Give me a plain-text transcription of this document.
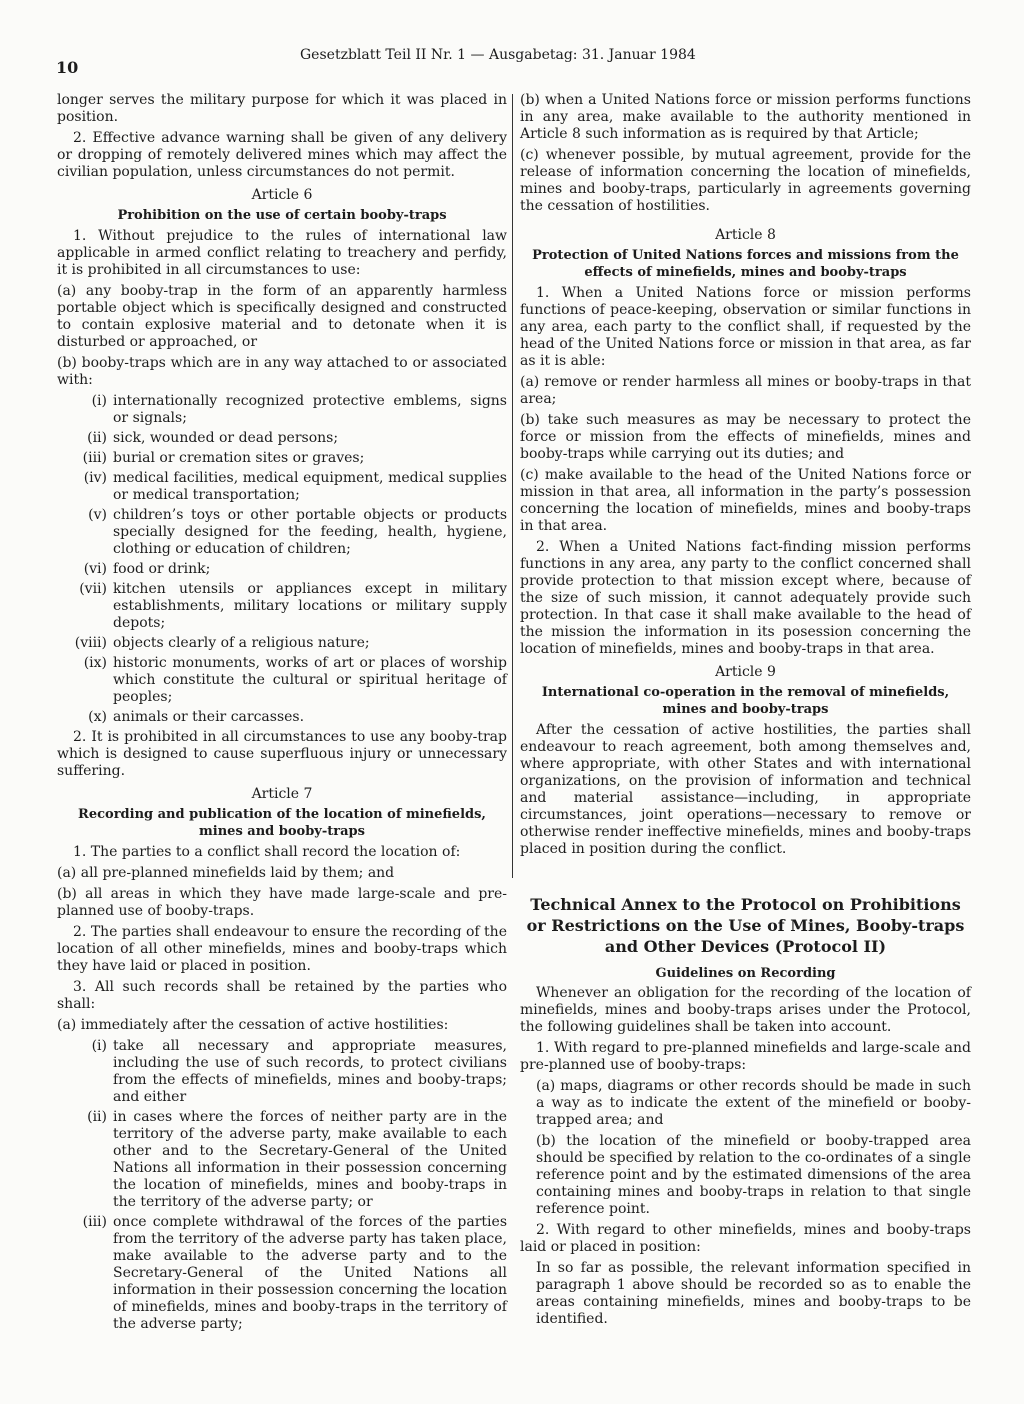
10
Gesetzblatt Teil II Nr. 1 — Ausgabetag: 31. Januar 1984

longer serves the military purpose for which it was placed in position.

2. Effective advance warning shall be given of any delivery or dropping of remotely delivered mines which may affect the civilian population, unless circumstances do not permit.

Article 6
Prohibition on the use of certain booby-traps

1. Without prejudice to the rules of international law applicable in armed conflict relating to treachery and perfidy, it is prohibited in all circumstances to use:

(a) any booby-trap in the form of an apparently harmless portable object which is specifically designed and constructed to contain explosive material and to detonate when it is disturbed or approached, or

(b) booby-traps which are in any way attached to or associated with:

(i) internationally recognized protective emblems, signs or signals;
(ii) sick, wounded or dead persons;
(iii) burial or cremation sites or graves;
(iv) medical facilities, medical equipment, medical supplies or medical transportation;
(v) children’s toys or other portable objects or products specially designed for the feeding, health, hygiene, clothing or education of children;
(vi) food or drink;
(vii) kitchen utensils or appliances except in military establishments, military locations or military supply depots;
(viii) objects clearly of a religious nature;
(ix) historic monuments, works of art or places of worship which constitute the cultural or spiritual heritage of peoples;
(x) animals or their carcasses.

2. It is prohibited in all circumstances to use any booby-trap which is designed to cause superfluous injury or unnecessary suffering.

Article 7
Recording and publication of the location of minefields, mines and booby-traps

1. The parties to a conflict shall record the location of:

(a) all pre-planned minefields laid by them; and

(b) all areas in which they have made large-scale and pre-planned use of booby-traps.

2. The parties shall endeavour to ensure the recording of the location of all other minefields, mines and booby-traps which they have laid or placed in position.

3. All such records shall be retained by the parties who shall:

(a) immediately after the cessation of active hostilities:

(i) take all necessary and appropriate measures, including the use of such records, to protect civilians from the effects of minefields, mines and booby-traps; and either
(ii) in cases where the forces of neither party are in the territory of the adverse party, make available to each other and to the Secretary-General of the United Nations all information in their possession concerning the location of minefields, mines and booby-traps in the territory of the adverse party; or
(iii) once complete withdrawal of the forces of the parties from the territory of the adverse party has taken place, make available to the adverse party and to the Secretary-General of the United Nations all information in their possession concerning the location of minefields, mines and booby-traps in the territory of the adverse party;

(b) when a United Nations force or mission performs functions in any area, make available to the authority mentioned in Article 8 such information as is required by that Article;

(c) whenever possible, by mutual agreement, provide for the release of information concerning the location of minefields, mines and booby-traps, particularly in agreements governing the cessation of hostilities.

Article 8
Protection of United Nations forces and missions from the effects of minefields, mines and booby-traps

1. When a United Nations force or mission performs functions of peace-keeping, observation or similar functions in any area, each party to the conflict shall, if requested by the head of the United Nations force or mission in that area, as far as it is able:

(a) remove or render harmless all mines or booby-traps in that area;

(b) take such measures as may be necessary to protect the force or mission from the effects of minefields, mines and booby-traps while carrying out its duties; and

(c) make available to the head of the United Nations force or mission in that area, all information in the party’s possession concerning the location of minefields, mines and booby-traps in that area.

2. When a United Nations fact-finding mission performs functions in any area, any party to the conflict concerned shall provide protection to that mission except where, because of the size of such mission, it cannot adequately provide such protection. In that case it shall make available to the head of the mission the information in its posession concerning the location of minefields, mines and booby-traps in that area.

Article 9
International co-operation in the removal of minefields, mines and booby-traps

After the cessation of active hostilities, the parties shall endeavour to reach agreement, both among themselves and, where appropriate, with other States and with international organizations, on the provision of information and technical and material assistance—including, in appropriate circumstances, joint operations—necessary to remove or otherwise render ineffective minefields, mines and booby-traps placed in position during the conflict.

Technical Annex to the Protocol on Prohibitions or Restrictions on the Use of Mines, Booby-traps and Other Devices (Protocol II)
Guidelines on Recording

Whenever an obligation for the recording of the location of minefields, mines and booby-traps arises under the Protocol, the following guidelines shall be taken into account.

1. With regard to pre-planned minefields and large-scale and pre-planned use of booby-traps:

(a) maps, diagrams or other records should be made in such a way as to indicate the extent of the minefield or booby-trapped area; and

(b) the location of the minefield or booby-trapped area should be specified by relation to the co-ordinates of a single reference point and by the estimated dimensions of the area containing mines and booby-traps in relation to that single reference point.

2. With regard to other minefields, mines and booby-traps laid or placed in position:

In so far as possible, the relevant information specified in paragraph 1 above should be recorded so as to enable the areas containing minefields, mines and booby-traps to be identified.
